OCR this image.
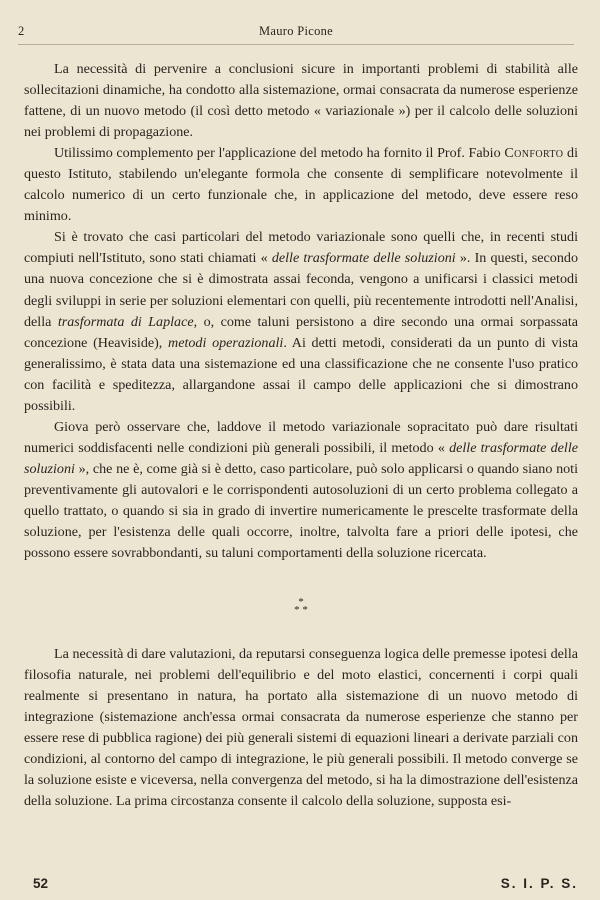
2	Mauro Picone

La necessità di pervenire a conclusioni sicure in importanti problemi di stabilità alle sollecitazioni dinamiche, ha condotto alla sistemazione, ormai consacrata da numerose esperienze fattene, di un nuovo metodo (il così detto metodo « variazionale ») per il calcolo delle soluzioni nei problemi di propagazione.

Utilissimo complemento per l'applicazione del metodo ha fornito il Prof. Fabio Conforto di questo Istituto, stabilendo un'elegante formola che consente di semplificare notevolmente il calcolo numerico di un certo funzionale che, in applicazione del metodo, deve essere reso minimo.

Si è trovato che casi particolari del metodo variazionale sono quelli che, in recenti studi compiuti nell'Istituto, sono stati chiamati « delle trasformate delle soluzioni ». In questi, secondo una nuova concezione che si è dimostrata assai feconda, vengono a unificarsi i classici metodi degli sviluppi in serie per soluzioni elementari con quelli, più recentemente introdotti nell'Analisi, della trasformata di Laplace, o, come taluni persistono a dire secondo una ormai sorpassata concezione (Heaviside), metodi operazionali. Ai detti metodi, considerati da un punto di vista generalissimo, è stata data una sistemazione ed una classificazione che ne consente l'uso pratico con facilità e speditezza, allargandone assai il campo delle applicazioni che si dimostrano possibili.

Giova però osservare che, laddove il metodo variazionale sopracitato può dare risultati numerici soddisfacenti nelle condizioni più generali possibili, il metodo « delle trasformate delle soluzioni », che ne è, come già si è detto, caso particolare, può solo applicarsi o quando siano noti preventivamente gli autovalori e le corrispondenti autosoluzioni di un certo problema collegato a quello trattato, o quando si sia in grado di invertire numericamente le prescelte trasformate della soluzione, per l'esistenza delle quali occorre, inoltre, talvolta fare a priori delle ipotesi, che possono essere sovrabbondanti, su taluni comportamenti della soluzione ricercata.

*
* *

La necessità di dare valutazioni, da reputarsi conseguenza logica delle premesse ipotesi della filosofia naturale, nei problemi dell'equilibrio e del moto elastici, concernenti i corpi quali realmente si presentano in natura, ha portato alla sistemazione di un nuovo metodo di integrazione (sistemazione anch'essa ormai consacrata da numerose esperienze che stanno per essere rese di pubblica ragione) dei più generali sistemi di equazioni lineari a derivate parziali con condizioni, al contorno del campo di integrazione, le più generali possibili. Il metodo converge se la soluzione esiste e viceversa, nella convergenza del metodo, si ha la dimostrazione dell'esistenza della soluzione. La prima circostanza consente il calcolo della soluzione, supposta esi-

52	S. I. P. S.
